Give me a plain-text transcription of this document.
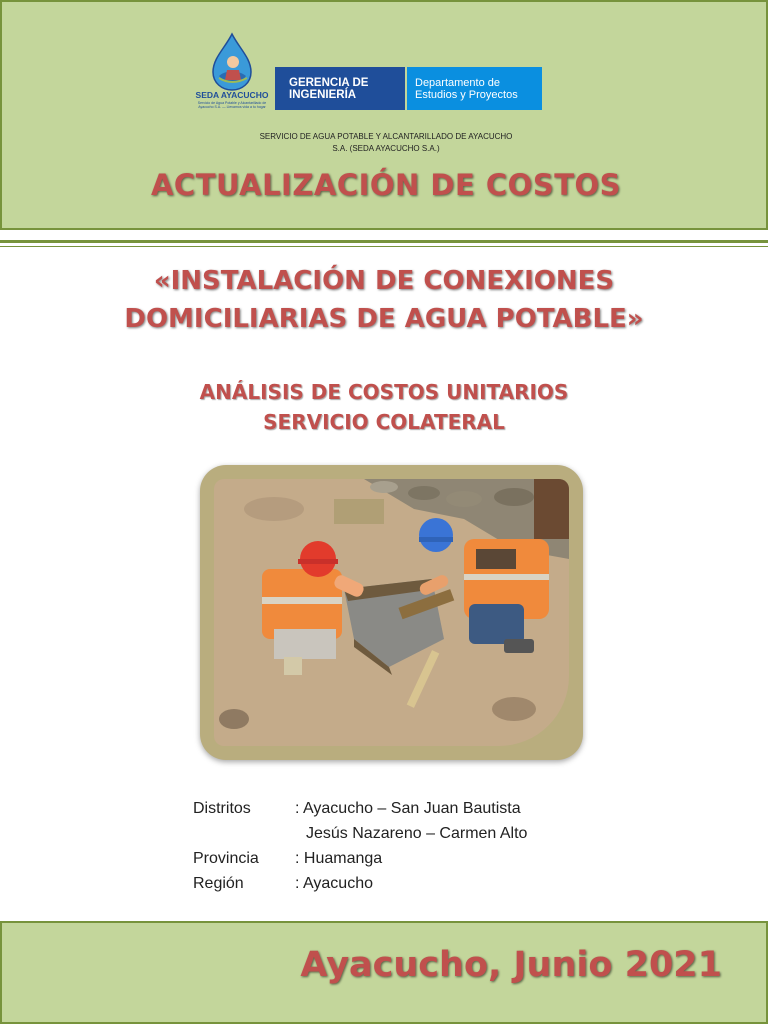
SEDA AYACUCHO
Servicio de Agua Potable y Alcantarillado de Ayacucho S.A. — Llevamos vida a tu hogar
GERENCIA DE INGENIERÍA
Departamento de Estudios y Proyectos
SERVICIO DE AGUA POTABLE Y ALCANTARILLADO DE AYACUCHO
S.A. (SEDA AYACUCHO S.A.)
ACTUALIZACIÓN DE COSTOS
«INSTALACIÓN DE CONEXIONES
DOMICILIARIAS DE AGUA POTABLE»
ANÁLISIS DE COSTOS UNITARIOS
SERVICIO COLATERAL
Distritos	: Ayacucho – San Juan Bautista
Jesús Nazareno – Carmen Alto
Provincia : Huamanga
Región	: Ayacucho
Ayacucho, Junio 2021
